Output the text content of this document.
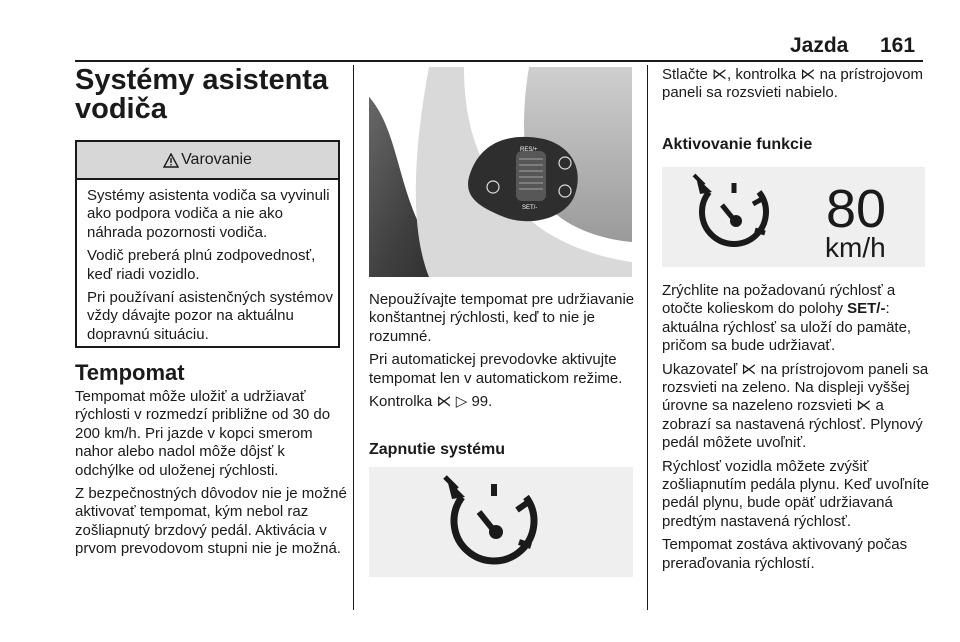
Jazda 161
Systémy asistenta vodiča
Varovanie

Systémy asistenta vodiča sa vyvinuli ako podpora vodiča a nie ako náhrada pozornosti vodiča.

Vodič preberá plnú zodpovednosť, keď riadi vozidlo.

Pri používaní asistenčných systémov vždy dávajte pozor na aktuálnu dopravnú situáciu.

Tempomat

Tempomat môže uložiť a udržiavať rýchlosti v rozmedzí približne od 30 do 200 km/h. Pri jazde v kopci smerom nahor alebo nadol môže dôjsť k odchýlke od uloženej rýchlosti.

Z bezpečnostných dôvodov nie je možné aktivovať tempomat, kým nebol raz zošliapnutý brzdový pedál. Aktivácia v prvom prevodovom stupni nie je možná.

RES/+
SET/-

Nepoužívajte tempomat pre udržiavanie konštantnej rýchlosti, keď to nie je rozumné.

Pri automatickej prevodovke aktivujte tempomat len v automatickom režime.

Kontrolka ⋉ ▷ 99.

Zapnutie systému

Stlačte ⋉, kontrolka ⋉ na prístrojovom paneli sa rozsvieti nabielo.

Aktivovanie funkcie
80
km/h

Zrýchlite na požadovanú rýchlosť a otočte kolieskom do polohy SET/-: aktuálna rýchlosť sa uloží do pamäte, pričom sa bude udržiavať.

Ukazovateľ ⋉ na prístrojovom paneli sa rozsvieti na zeleno. Na displeji vyššej úrovne sa nazeleno rozsvieti ⋉ a zobrazí sa nastavená rýchlosť. Plynový pedál môžete uvoľniť.

Rýchlosť vozidla môžete zvýšiť zošliapnutím pedála plynu. Keď uvoľníte pedál plynu, bude opäť udržiavaná predtým nastavená rýchlosť.

Tempomat zostáva aktivovaný počas preraďovania rýchlostí.
